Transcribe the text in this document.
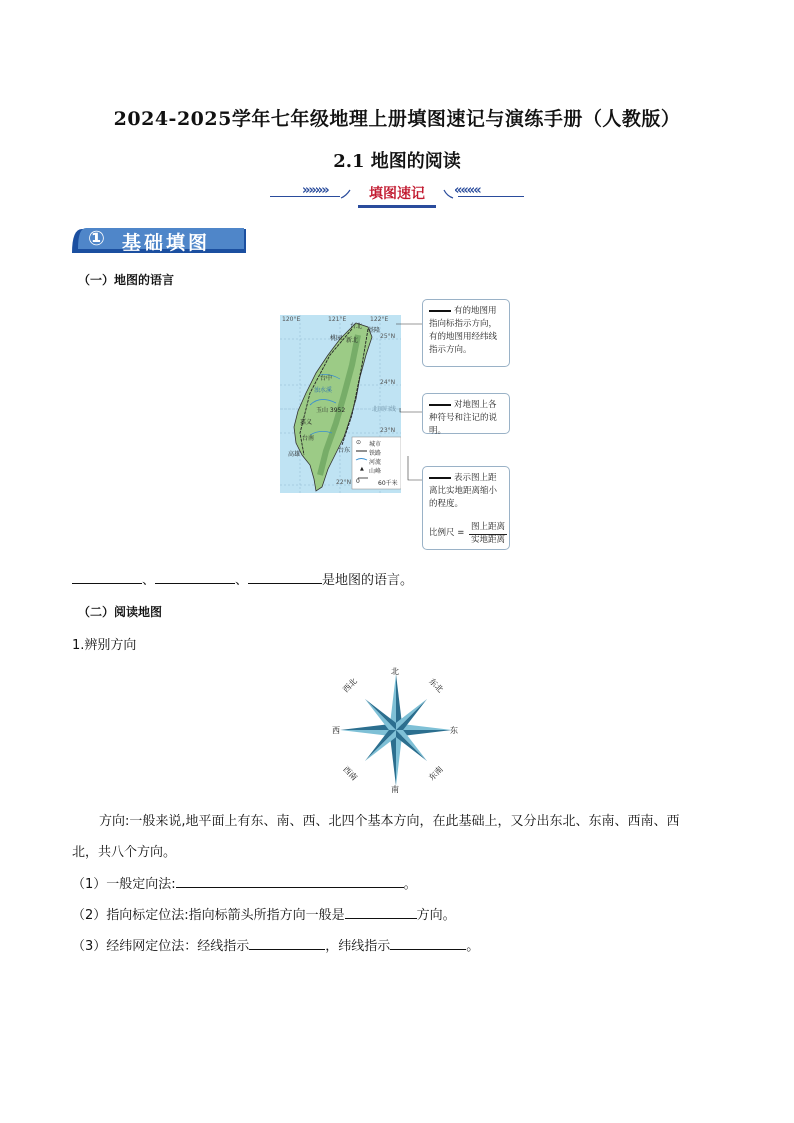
2024-2025学年七年级地理上册填图速记与演练手册（人教版）
2.1 地图的阅读
»»»»	填图速记	««««
① 基础填图
（一）地图的语言
120°E	121°E	122°E
25°N
24°N
23°N
22°N
北回归线
台北
基隆
新北
桃园
台中
嘉义
台南
高雄
台东
浊水溪
玉山 3952
⊙ 城市
铁路
河流
山峰
▲
0	60千米
有的地图用指向标指示方向，有的地图用经纬线指示方向。
对地图上各种符号和注记的说明。
表示图上距离比实地距离缩小的程度。
比例尺 =
图上距离
实地距离
、	、	是地图的语言。
（二）阅读地图
1.辨别方向
北
南
东
西
东北
西北
东南
西南
方向:一般来说,地平面上有东、南、西、北四个基本方向，在此基础上，又分出东北、东南、西南、西
北，共八个方向。
（1）一般定向法:	。
（2）指向标定位法:指向标箭头所指方向一般是	方向。
（3）经纬网定位法：经线指示	，纬线指示	。
